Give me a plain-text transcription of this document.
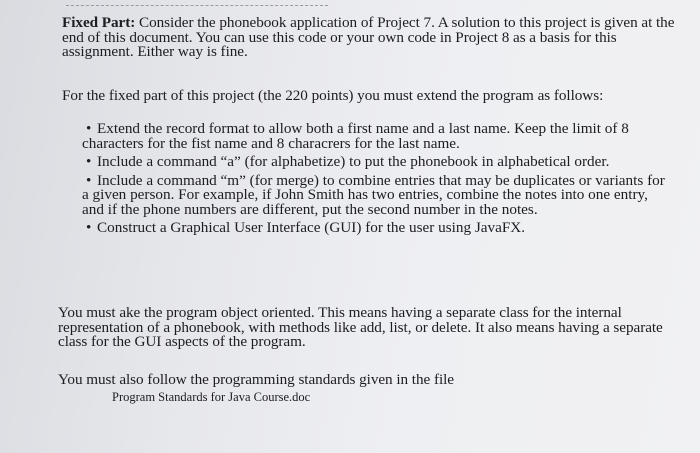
Fixed Part: Consider the phonebook application of Project 7. A solution to this project is given at the end of this document. You can use this code or your own code in Project 8 as a basis for this assignment. Either way is fine.

For the fixed part of this project (the 220 points) you must extend the program as follows:

• Extend the record format to allow both a first name and a last name. Keep the limit of 8 characters for the fist name and 8 characrers for the last name.
• Include a command “a” (for alphabetize) to put the phonebook in alphabetical order.
• Include a command “m” (for merge) to combine entries that may be duplicates or variants for a given person. For example, if John Smith has two entries, combine the notes into one entry, and if the phone numbers are different, put the second number in the notes.
• Construct a Graphical User Interface (GUI) for the user using JavaFX.

You must ake the program object oriented. This means having a separate class for the internal representation of a phonebook, with methods like add, list, or delete. It also means having a separate class for the GUI aspects of the program.

You must also follow the programming standards given in the file

Program Standards for Java Course.doc
